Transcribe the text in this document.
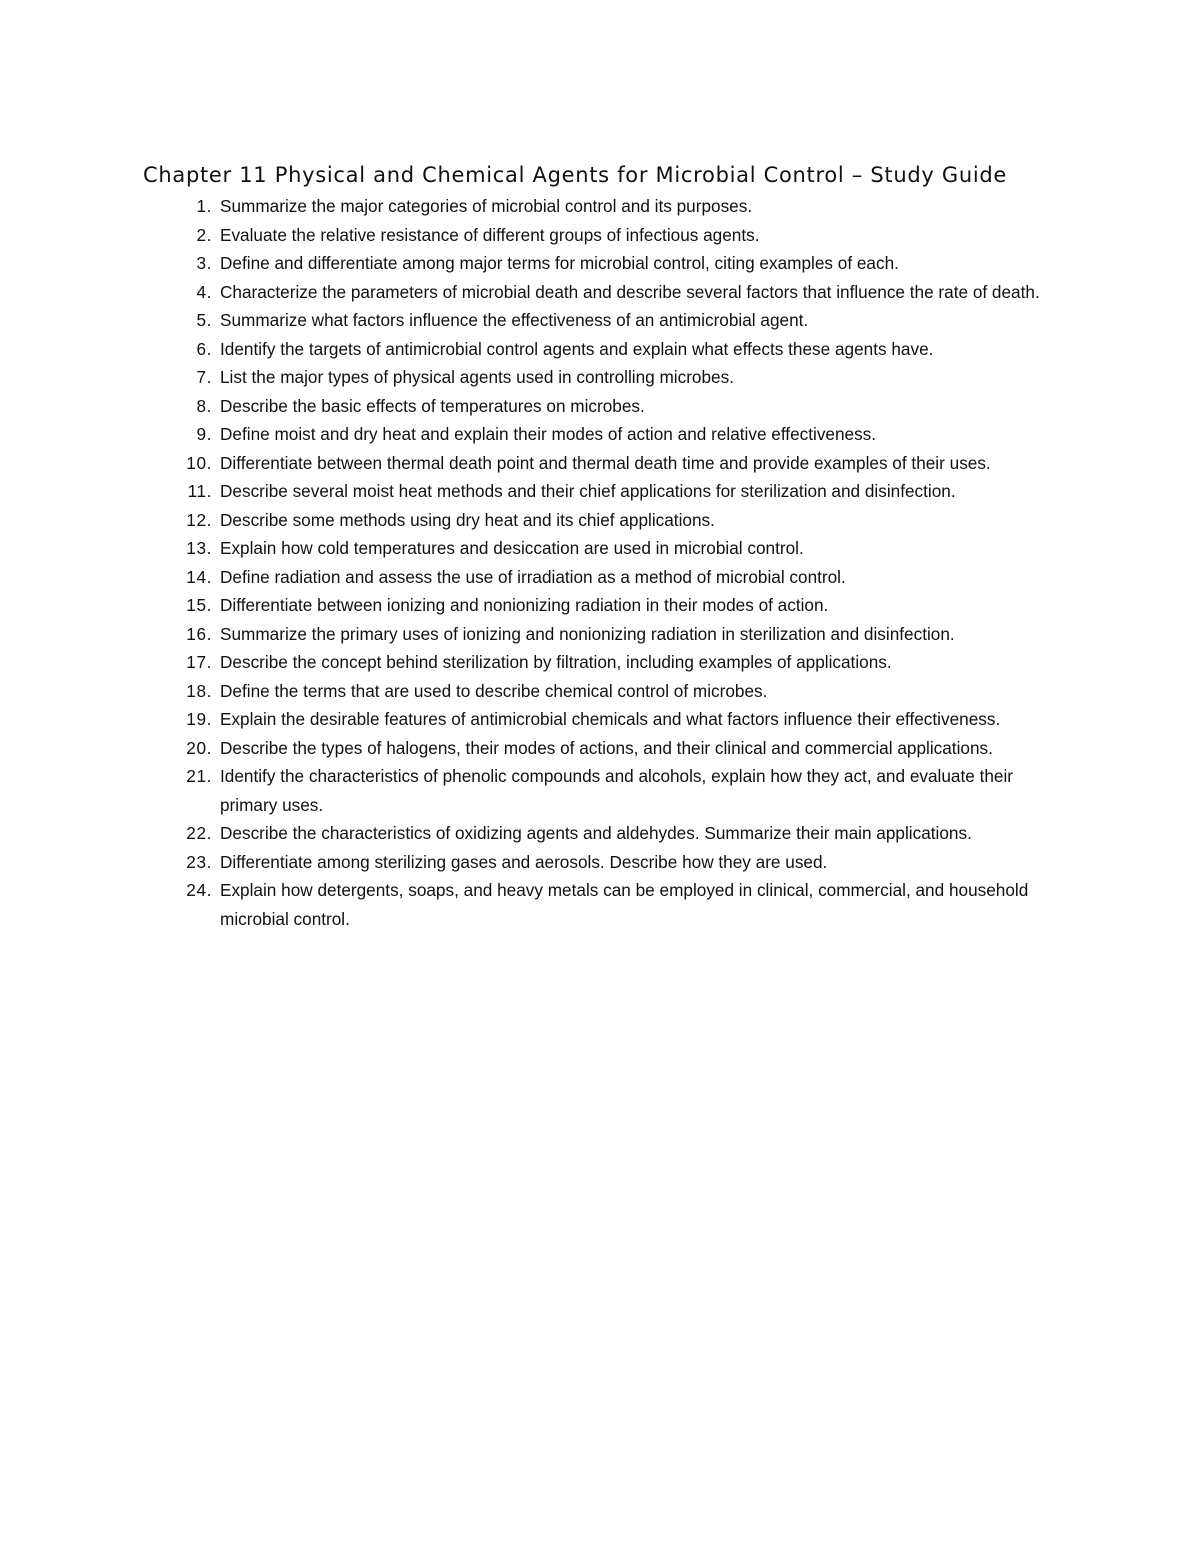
Chapter 11 Physical and Chemical Agents for Microbial Control – Study Guide
1. Summarize the major categories of microbial control and its purposes.
2. Evaluate the relative resistance of different groups of infectious agents.
3. Define and differentiate among major terms for microbial control, citing examples of each.
4. Characterize the parameters of microbial death and describe several factors that influence the rate of death.
5. Summarize what factors influence the effectiveness of an antimicrobial agent.
6. Identify the targets of antimicrobial control agents and explain what effects these agents have.
7. List the major types of physical agents used in controlling microbes.
8. Describe the basic effects of temperatures on microbes.
9. Define moist and dry heat and explain their modes of action and relative effectiveness.
10. Differentiate between thermal death point and thermal death time and provide examples of their uses.
11. Describe several moist heat methods and their chief applications for sterilization and disinfection.
12. Describe some methods using dry heat and its chief applications.
13. Explain how cold temperatures and desiccation are used in microbial control.
14. Define radiation and assess the use of irradiation as a method of microbial control.
15. Differentiate between ionizing and nonionizing radiation in their modes of action.
16. Summarize the primary uses of ionizing and nonionizing radiation in sterilization and disinfection.
17. Describe the concept behind sterilization by filtration, including examples of applications.
18. Define the terms that are used to describe chemical control of microbes.
19. Explain the desirable features of antimicrobial chemicals and what factors influence their effectiveness.
20. Describe the types of halogens, their modes of actions, and their clinical and commercial applications.
21. Identify the characteristics of phenolic compounds and alcohols, explain how they act, and evaluate their primary uses.
22. Describe the characteristics of oxidizing agents and aldehydes. Summarize their main applications.
23. Differentiate among sterilizing gases and aerosols. Describe how they are used.
24. Explain how detergents, soaps, and heavy metals can be employed in clinical, commercial, and household microbial control.
